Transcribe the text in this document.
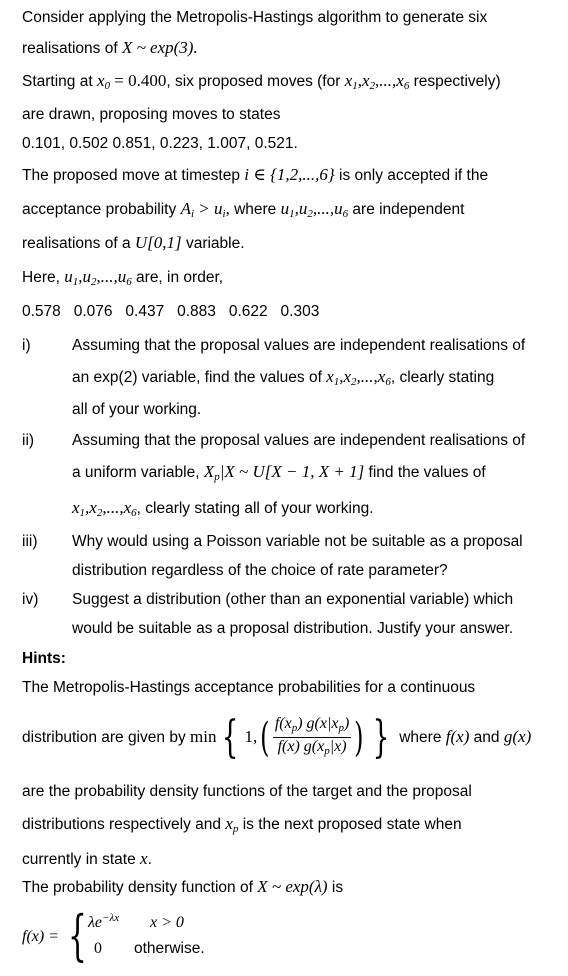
Consider applying the Metropolis-Hastings algorithm to generate six
realisations of X ~ exp(3).
Starting at $x_0 = 0.400$, six proposed moves (for $x_1,x_2,...,x_6$ respectively)
are drawn, proposing moves to states
0.101, 0.502 0.851, 0.223, 1.007, 0.521.
The proposed move at timestep i ∈ {1,2,...,6} is only accepted if the
acceptance probability $A_i > u_i$, where $u_1,u_2,...,u_6$ are independent
realisations of a U[0,1] variable.
Here, $u_1,u_2,...,u_6$ are, in order,
0.578   0.076   0.437   0.883   0.622   0.303
i)	Assuming that the proposal values are independent realisations of
an exp(2) variable, find the values of $x_1,x_2,...,x_6$, clearly stating
all of your working.
ii) Assuming that the proposal values are independent realisations of
a uniform variable, $X_p|X$ ~ U[X − 1, X + 1] find the values of
$x_1,x_2,...,x_6$, clearly stating all of your working.
iii) Why would using a Poisson variable not be suitable as a proposal
distribution regardless of the choice of rate parameter?
iv) Suggest a distribution (other than an exponential variable) which
would be suitable as a proposal distribution. Justify your answer.
Hints:
The Metropolis-Hastings acceptance probabilities for a continuous
distribution are given by min { $1,( \frac{f(x_p) g(x|x_p)}{f(x) g(x_p|x)}$ ) } where f(x) and g(x)
are the probability density functions of the target and the proposal
distributions respectively and $x_p$ is the next proposed state when
currently in state x.
The probability density function of X ~ exp(λ) is
f(x) = { $\lambda e^{-\lambda x}$ x > 0
0 otherwise.
